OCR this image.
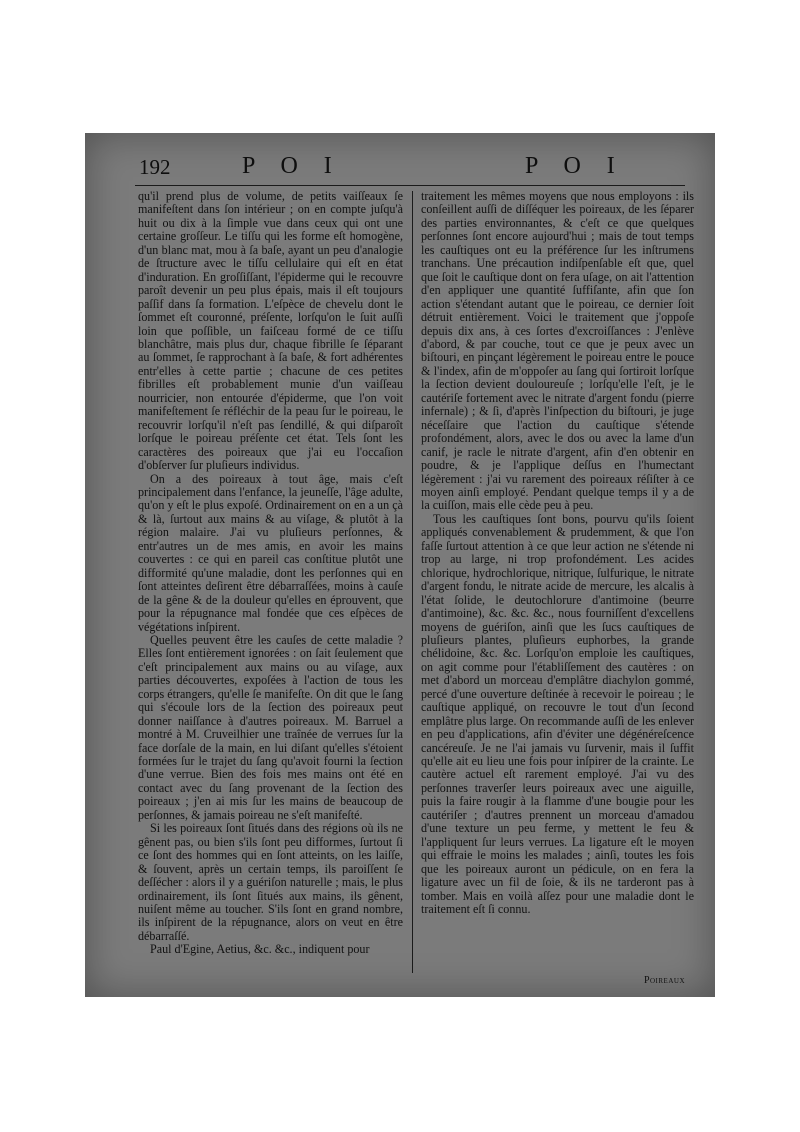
192	P O I	P O I

qu'il prend plus de volume, de petits vaiſſeaux ſe manifeſtent dans ſon intérieur ; on en compte juſqu'à huit ou dix à la ſimple vue dans ceux qui ont une certaine groſſeur. Le tiſſu qui les forme eſt homogène, d'un blanc mat, mou à ſa baſe, ayant un peu d'analogie de ſtructure avec le tiſſu cellulaire qui eſt en état d'induration. En groſſiſſant, l'épiderme qui le recouvre paroît devenir un peu plus épais, mais il eſt toujours paſſif dans ſa formation. L'eſpèce de chevelu dont le ſommet eſt couronné, préſente, lorſqu'on le ſuit auſſi loin que poſſible, un faiſceau formé de ce tiſſu blanchâtre, mais plus dur, chaque fibrille ſe ſéparant au ſommet, ſe rapprochant à ſa baſe, & fort adhérentes entr'elles à cette partie ; chacune de ces petites fibrilles eſt probablement munie d'un vaiſſeau nourricier, non entourée d'épiderme, que l'on voit manifeſtement ſe réfléchir de la peau ſur le poireau, le recouvrir lorſqu'il n'eſt pas ſendillé, & qui diſparoît lorſque le poireau préſente cet état. Tels ſont les caractères des poireaux que j'ai eu l'occaſion d'obſerver ſur pluſieurs individus.

On a des poireaux à tout âge, mais c'eſt principalement dans l'enfance, la jeuneſſe, l'âge adulte, qu'on y eſt le plus expoſé. Ordinairement on en a un çà & là, ſurtout aux mains & au viſage, & plutôt à la région malaire. J'ai vu pluſieurs perſonnes, & entr'autres un de mes amis, en avoir les mains couvertes : ce qui en pareil cas conſtitue plutôt une difformité qu'une maladie, dont les perſonnes qui en ſont atteintes deſirent être débarraſſées, moins à cauſe de la gêne & de la douleur qu'elles en éprouvent, que pour la répugnance mal fondée que ces eſpèces de végétations inſpirent.

Quelles peuvent être les cauſes de cette maladie ? Elles ſont entièrement ignorées : on ſait ſeulement que c'eſt principalement aux mains ou au viſage, aux parties découvertes, expoſées à l'action de tous les corps étrangers, qu'elle ſe manifeſte. On dit que le ſang qui s'écoule lors de la ſection des poireaux peut donner naiſſance à d'autres poireaux. M. Barruel a montré à M. Cruveilhier une traînée de verrues ſur la face dorſale de la main, en lui diſant qu'elles s'étoient formées ſur le trajet du ſang qu'avoit fourni la ſection d'une verrue. Bien des fois mes mains ont été en contact avec du ſang provenant de la ſection des poireaux ; j'en ai mis ſur les mains de beaucoup de perſonnes, & jamais poireau ne s'eſt manifeſté.

Si les poireaux ſont ſitués dans des régions où ils ne gênent pas, ou bien s'ils ſont peu difformes, ſurtout ſi ce ſont des hommes qui en ſont atteints, on les laiſſe, & ſouvent, après un certain temps, ils paroiſſent ſe deſſécher : alors il y a guériſon naturelle ; mais, le plus ordinairement, ils ſont ſitués aux mains, ils gênent, nuiſent même au toucher. S'ils ſont en grand nombre, ils inſpirent de la répugnance, alors on veut en être débarraſſé.

Paul d'Egine, Aetius, &c. &c., indiquent pour

traitement les mêmes moyens que nous employons : ils conſeillent auſſi de diſſéquer les poireaux, de les ſéparer des parties environnantes, & c'eſt ce que quelques perſonnes ſont encore aujourd'hui ; mais de tout temps les cauſtiques ont eu la préférence ſur les inſtrumens tranchans. Une précaution indiſpenſable eſt que, quel que ſoit le cauſtique dont on fera uſage, on ait l'attention d'en appliquer une quantité ſuffiſante, afin que ſon action s'étendant autant que le poireau, ce dernier ſoit détruit entièrement. Voici le traitement que j'oppoſe depuis dix ans, à ces ſortes d'excroiſſances : J'enlève d'abord, & par couche, tout ce que je peux avec un biſtouri, en pinçant légèrement le poireau entre le pouce & l'index, afin de m'oppoſer au ſang qui ſortiroit lorſque la ſection devient douloureuſe ; lorſqu'elle l'eſt, je le cautériſe fortement avec le nitrate d'argent fondu (pierre infernale) ; & ſi, d'après l'inſpection du biſtouri, je juge néceſſaire que l'action du cauſtique s'étende profondément, alors, avec le dos ou avec la lame d'un canif, je racle le nitrate d'argent, afin d'en obtenir en poudre, & je l'applique deſſus en l'humectant légèrement : j'ai vu rarement des poireaux réſiſter à ce moyen ainſi employé. Pendant quelque temps il y a de la cuiſſon, mais elle cède peu à peu.

Tous les cauſtiques ſont bons, pourvu qu'ils ſoient appliqués convenablement & prudemment, & que l'on faſſe ſurtout attention à ce que leur action ne s'étende ni trop au large, ni trop profondément. Les acides chlorique, hydrochlorique, nitrique, ſulfurique, le nitrate d'argent fondu, le nitrate acide de mercure, les alcalis à l'état ſolide, le deutochlorure d'antimoine (beurre d'antimoine), &c. &c. &c., nous fourniſſent d'excellens moyens de guériſon, ainſi que les ſucs cauſtiques de pluſieurs plantes, pluſieurs euphorbes, la grande chélidoine, &c. &c. Lorſqu'on emploie les cauſtiques, on agit comme pour l'établiſſement des cautères : on met d'abord un morceau d'emplâtre diachylon gommé, percé d'une ouverture deſtinée à recevoir le poireau ; le cauſtique appliqué, on recouvre le tout d'un ſecond emplâtre plus large. On recommande auſſi de les enlever en peu d'applications, afin d'éviter une dégénéreſcence cancéreuſe. Je ne l'ai jamais vu ſurvenir, mais il ſuffit qu'elle ait eu lieu une fois pour inſpirer de la crainte. Le cautère actuel eſt rarement employé. J'ai vu des perſonnes traverſer leurs poireaux avec une aiguille, puis la faire rougir à la flamme d'une bougie pour les cautériſer ; d'autres prennent un morceau d'amadou d'une texture un peu ferme, y mettent le feu & l'appliquent ſur leurs verrues. La ligature eſt le moyen qui effraie le moins les malades ; ainſi, toutes les fois que les poireaux auront un pédicule, on en fera la ligature avec un fil de ſoie, & ils ne tarderont pas à tomber. Mais en voilà aſſez pour une maladie dont le traitement eſt ſi connu.

Poireaux
